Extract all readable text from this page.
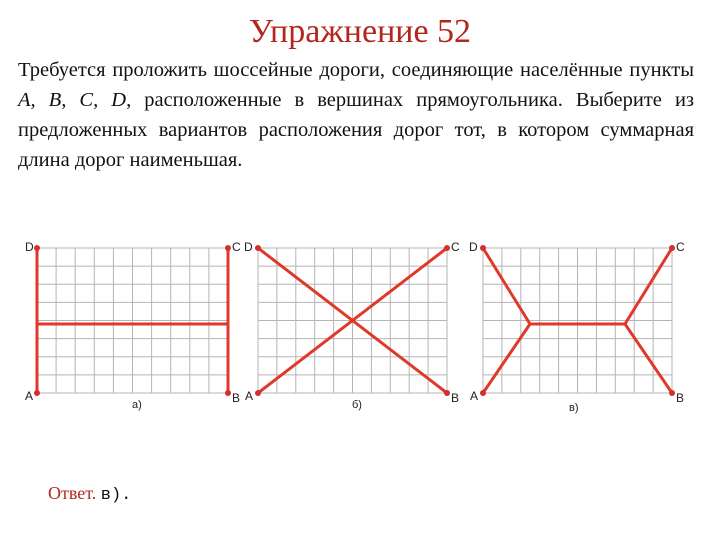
Упражнение 52

Требуется проложить шоссейные дороги, соединяющие населённые пункты A, B, C, D, расположенные в вершинах прямоугольника. Выберите из предложенных вариантов расположения дорог тот, в котором суммарная длина дорог наименьшая.

D	C
A	B
а)
D	C
A	B
б)
D	C
A	B
в)
Ответ. в).
